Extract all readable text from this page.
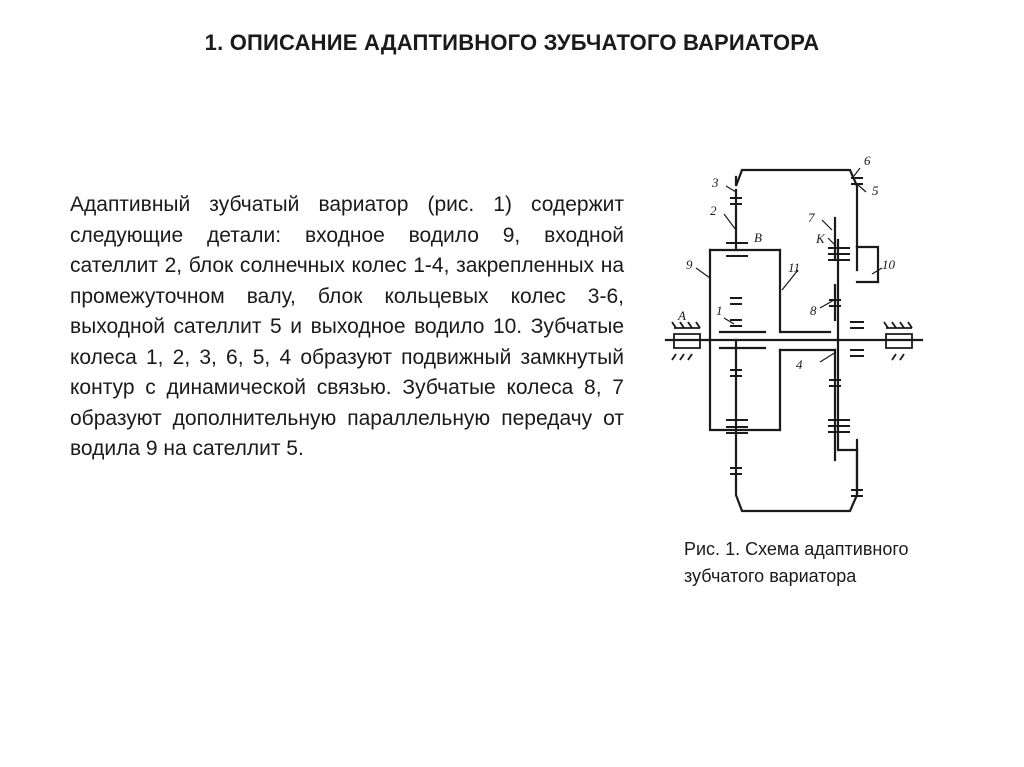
1. ОПИСАНИЕ АДАПТИВНОГО ЗУБЧАТОГО ВАРИАТОРА

Адаптивный зубчатый вариатор (рис. 1) содержит следующие детали: входное водило 9, входной сателлит 2, блок солнечных колес 1-4, закрепленных на промежуточном валу, блок кольцевых колес 3-6, выходной сателлит 5 и выходное водило 10. Зубчатые колеса 1, 2, 3, 6, 5, 4 образуют подвижный замкнутый контур с динамической связью. Зубчатые колеса 8, 7 образуют дополнительную параллельную передачу от водила 9 на сателлит 5.

6
5
3
2	7
B	K
9	11	10
8
1
A
4
Рис. 1. Схема адаптивного
зубчатого вариатора
